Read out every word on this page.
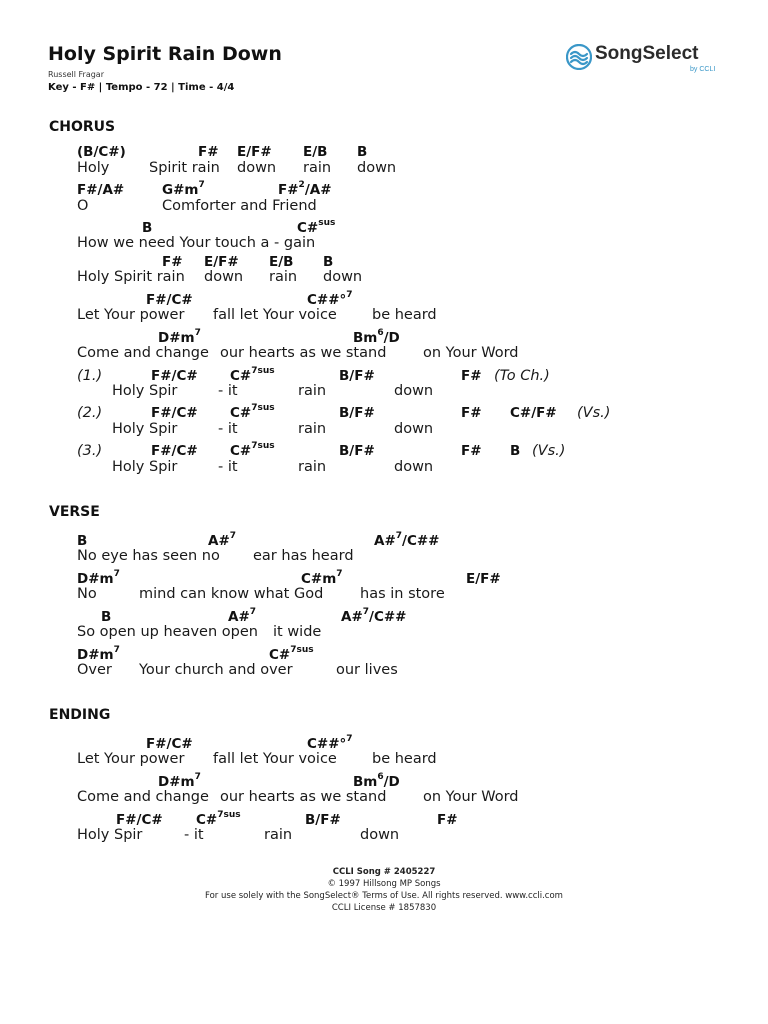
Holy Spirit Rain Down
Russell Fragar
Key - F# | Tempo - 72 | Time - 4/4
SongSelect
by CCLI
CHORUS
VERSE
ENDING
(B/C#)	F# E/F# E/B B
F#/A#	$G\#m^7$	F#$^2$/A#
B	C#$^{sus}$
F# E/F# E/B B
F#/C#	C##°$^7$
$D\#m^7$	Bm$^6$/D
F#/C# C#$^{7sus}$	B/F#	F#
F#/C# C#$^{7sus}$	B/F#	F# C#/F#
F#/C# C#$^{7sus}$	B/F#	F# B
B	A#$^7$	A#$^7$/C##
$D\#m^7$	$C\#m^7$	E/F#
B	A#$^7$	A#$^7$/C##
$D\#m^7$	C#$^{7sus}$
F#/C#	C##°$^7$
$D\#m^7$	Bm$^6$/D
F#/C# C#$^{7sus}$	B/F#	F#
Holy	Spirit rain down rain down
O	Comforter and Friend
How we need Your touch a - gain
Holy Spirit rain down rain down
Let Your power fall let Your voice be heard
Come and change our hearts as we stand	on Your Word
Holy Spir	- it	rain	down
Holy Spir	- it	rain	down
Holy Spir	- it	rain	down
No eye has seen no ear has heard
No	mind can know what God	has in store
So open up heaven open it wide
Over Your church and over	our lives
Let Your power fall let Your voice be heard
Come and change our hearts as we stand	on Your Word
Holy Spir	- it	rain	down
(1.)	(To Ch.)
(2.)	(Vs.)
(3.)	(Vs.)
CCLI Song # 2405227
© 1997 Hillsong MP Songs
For use solely with the SongSelect® Terms of Use. All rights reserved. www.ccli.com
CCLI License # 1857830
